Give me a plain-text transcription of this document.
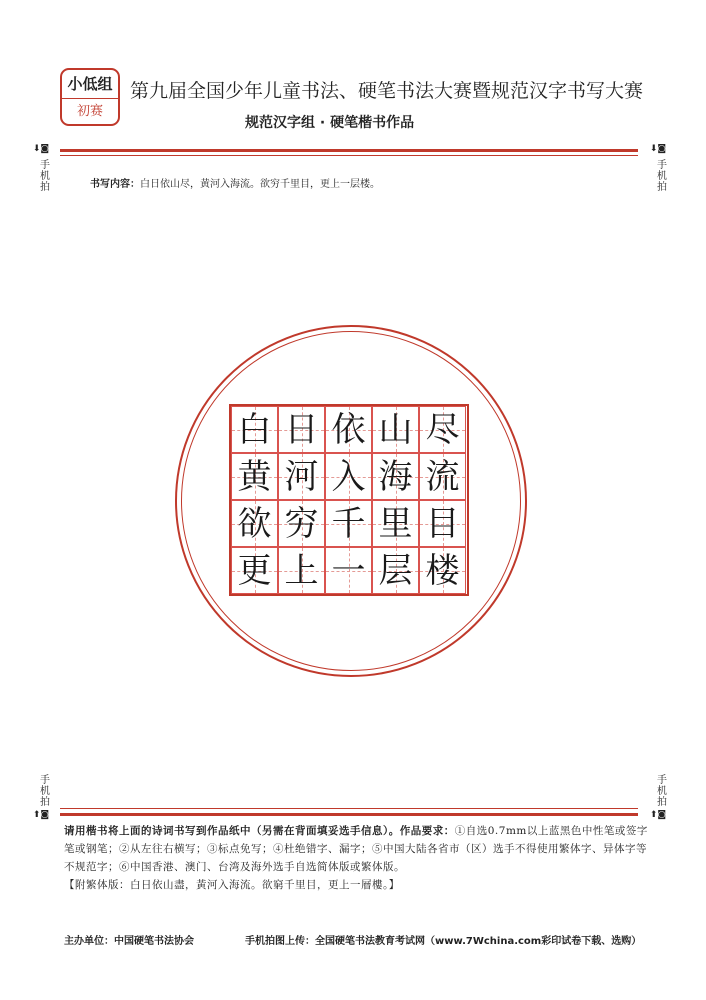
小低组
初赛
第九届全国少年儿童书法、硬笔书法大赛暨规范汉字书写大赛
规范汉字组 · 硬笔楷书作品
⬇◙
手机拍
⬇◙
手机拍
书写内容：白日依山尽，黄河入海流。欲穷千里目，更上一层楼。
白 日 依 山 尽
黄 河 入 海 流
欲 穷 千 里 目
更 上 一 层 楼
手机拍
⬆◙
手机拍
⬆◙
请用楷书将上面的诗词书写到作品纸中（另需在背面填妥选手信息）。作品要求：①自选0.7mm以上蓝黑色中性笔或签字笔或钢笔；②从左往右横写；③标点免写；④杜绝错字、漏字；⑤中国大陆各省市（区）选手不得使用繁体字、异体字等不规范字；⑥中国香港、澳门、台湾及海外选手自选简体版或繁体版。
【附繁体版：白日依山盡，黃河入海流。欲窮千里目，更上一層樓。】
主办单位：中国硬笔书法协会	手机拍图上传：全国硬笔书法教育考试网（www.7Wchina.com彩印试卷下载、选购）
